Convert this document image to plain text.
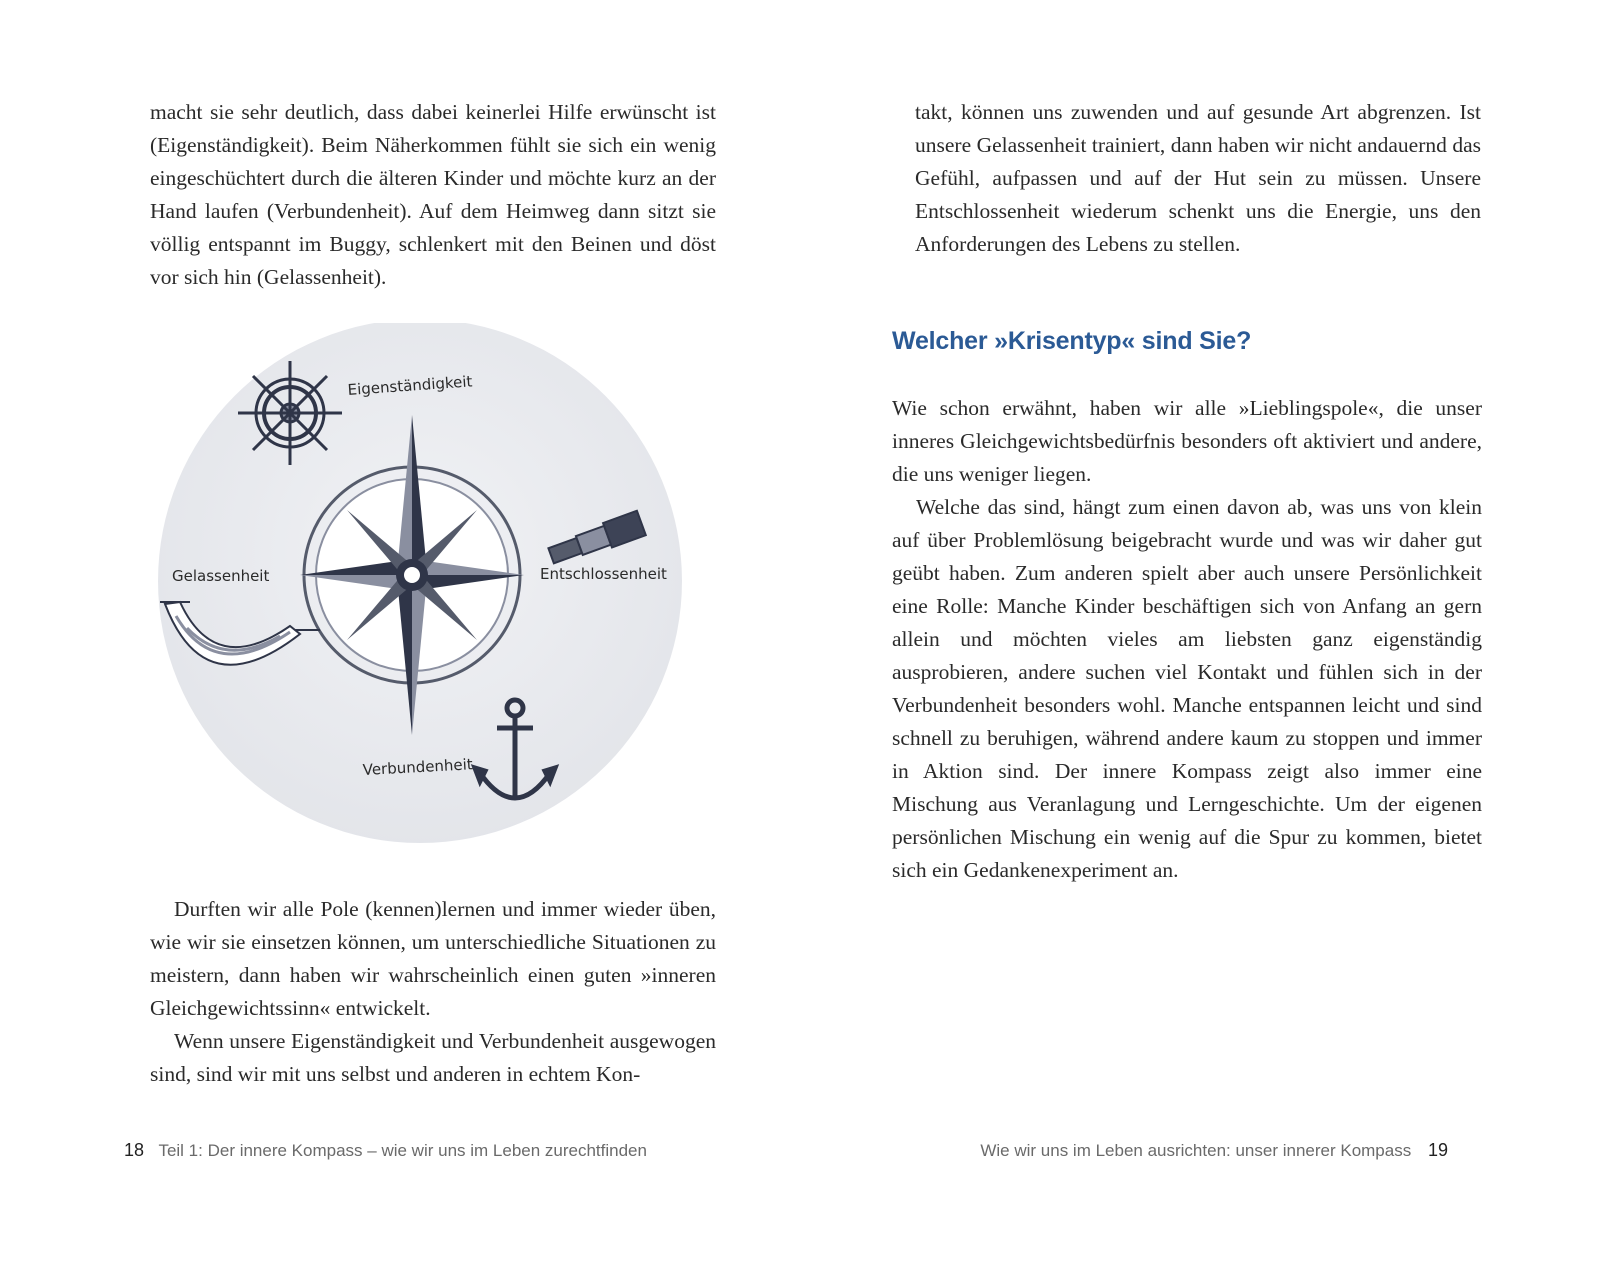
macht sie sehr deutlich, dass dabei keinerlei Hilfe erwünscht ist (Eigenständigkeit). Beim Näherkommen fühlt sie sich ein wenig eingeschüchtert durch die älteren Kinder und möchte kurz an der Hand laufen (Verbundenheit). Auf dem Heimweg dann sitzt sie völlig entspannt im Buggy, schlenkert mit den Beinen und döst vor sich hin (Gelassenheit).

Eigenständigkeit
Gelassenheit	Entschlossenheit
Verbundenheit

Durften wir alle Pole (kennen)lernen und immer wieder üben, wie wir sie einsetzen können, um unterschiedliche Situationen zu meistern, dann haben wir wahrscheinlich einen guten »inneren Gleichgewichtssinn« entwickelt.

Wenn unsere Eigenständigkeit und Verbundenheit ausgewogen sind, sind wir mit uns selbst und anderen in echtem Kon-

18 Teil 1: Der innere Kompass – wie wir uns im Leben zurechtfinden

takt, können uns zuwenden und auf gesunde Art abgrenzen. Ist unsere Gelassenheit trainiert, dann haben wir nicht andauernd das Gefühl, aufpassen und auf der Hut sein zu müssen. Unsere Entschlossenheit wiederum schenkt uns die Energie, uns den Anforderungen des Lebens zu stellen.

Welcher »Krisentyp« sind Sie?

Wie schon erwähnt, haben wir alle »Lieblingspole«, die unser inneres Gleichgewichtsbedürfnis besonders oft aktiviert und andere, die uns weniger liegen.

Welche das sind, hängt zum einen davon ab, was uns von klein auf über Problemlösung beigebracht wurde und was wir daher gut geübt haben. Zum anderen spielt aber auch unsere Persönlichkeit eine Rolle: Manche Kinder beschäftigen sich von Anfang an gern allein und möchten vieles am liebsten ganz eigenständig ausprobieren, andere suchen viel Kontakt und fühlen sich in der Verbundenheit besonders wohl. Manche entspannen leicht und sind schnell zu beruhigen, während andere kaum zu stoppen und immer in Aktion sind. Der innere Kompass zeigt also immer eine Mischung aus Veranlagung und Lerngeschichte. Um der eigenen persönlichen Mischung ein wenig auf die Spur zu kommen, bietet sich ein Gedankenexperiment an.

Wie wir uns im Leben ausrichten: unser innerer Kompass 19
